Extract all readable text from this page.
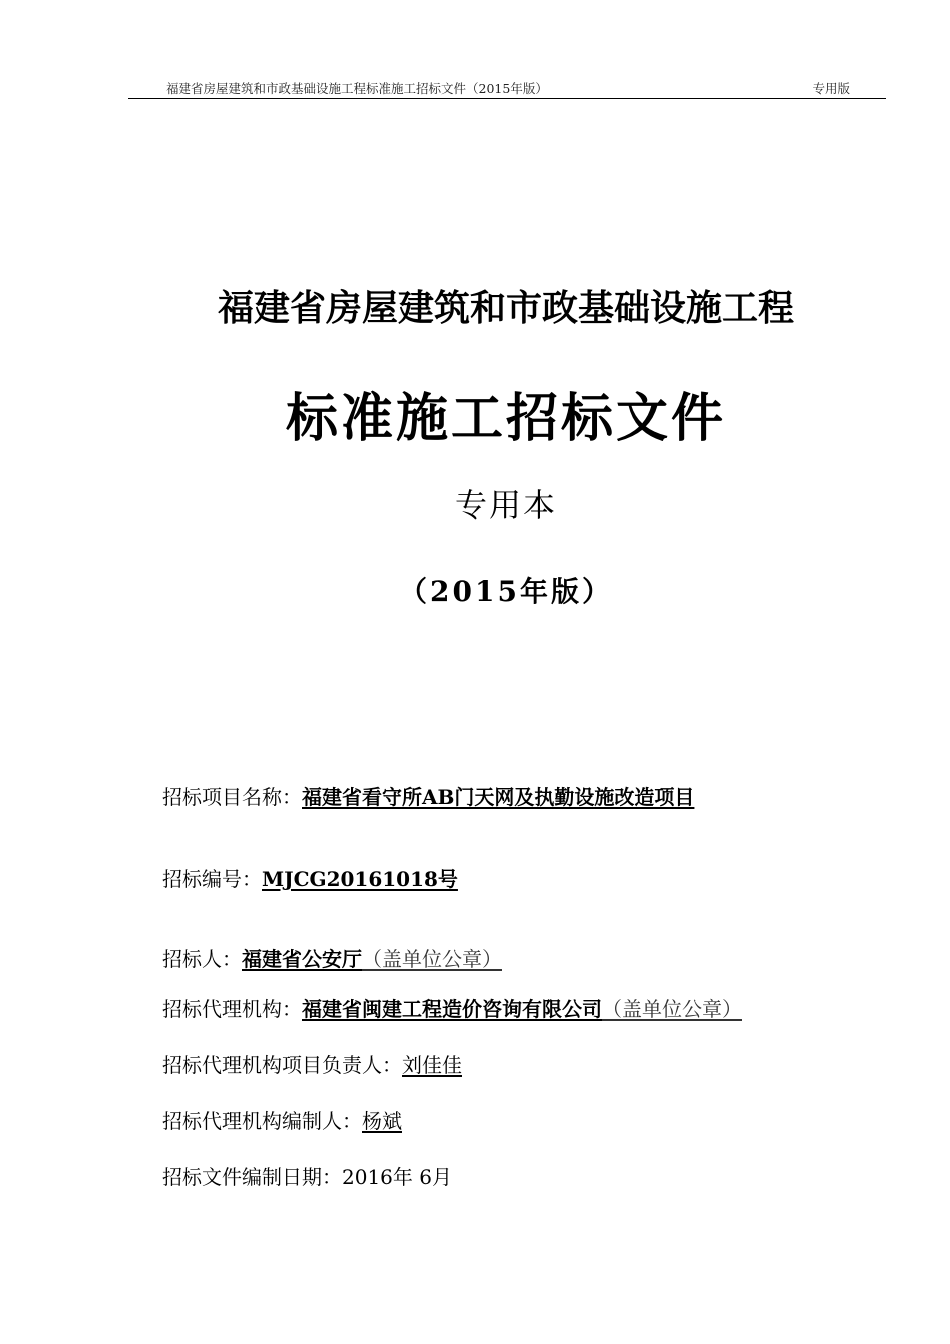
福建省房屋建筑和市政基础设施工程标准施工招标文件（2015年版）	专用版
福建省房屋建筑和市政基础设施工程
标准施工招标文件
专用本
（2015年版）
招标项目名称：福建省看守所AB门天网及执勤设施改造项目
招标编号：MJCG20161018号
招标人：福建省公安厅（盖单位公章）
招标代理机构：福建省闽建工程造价咨询有限公司（盖单位公章）
招标代理机构项目负责人：刘佳佳
招标代理机构编制人：杨斌
招标文件编制日期：2016年 6月
